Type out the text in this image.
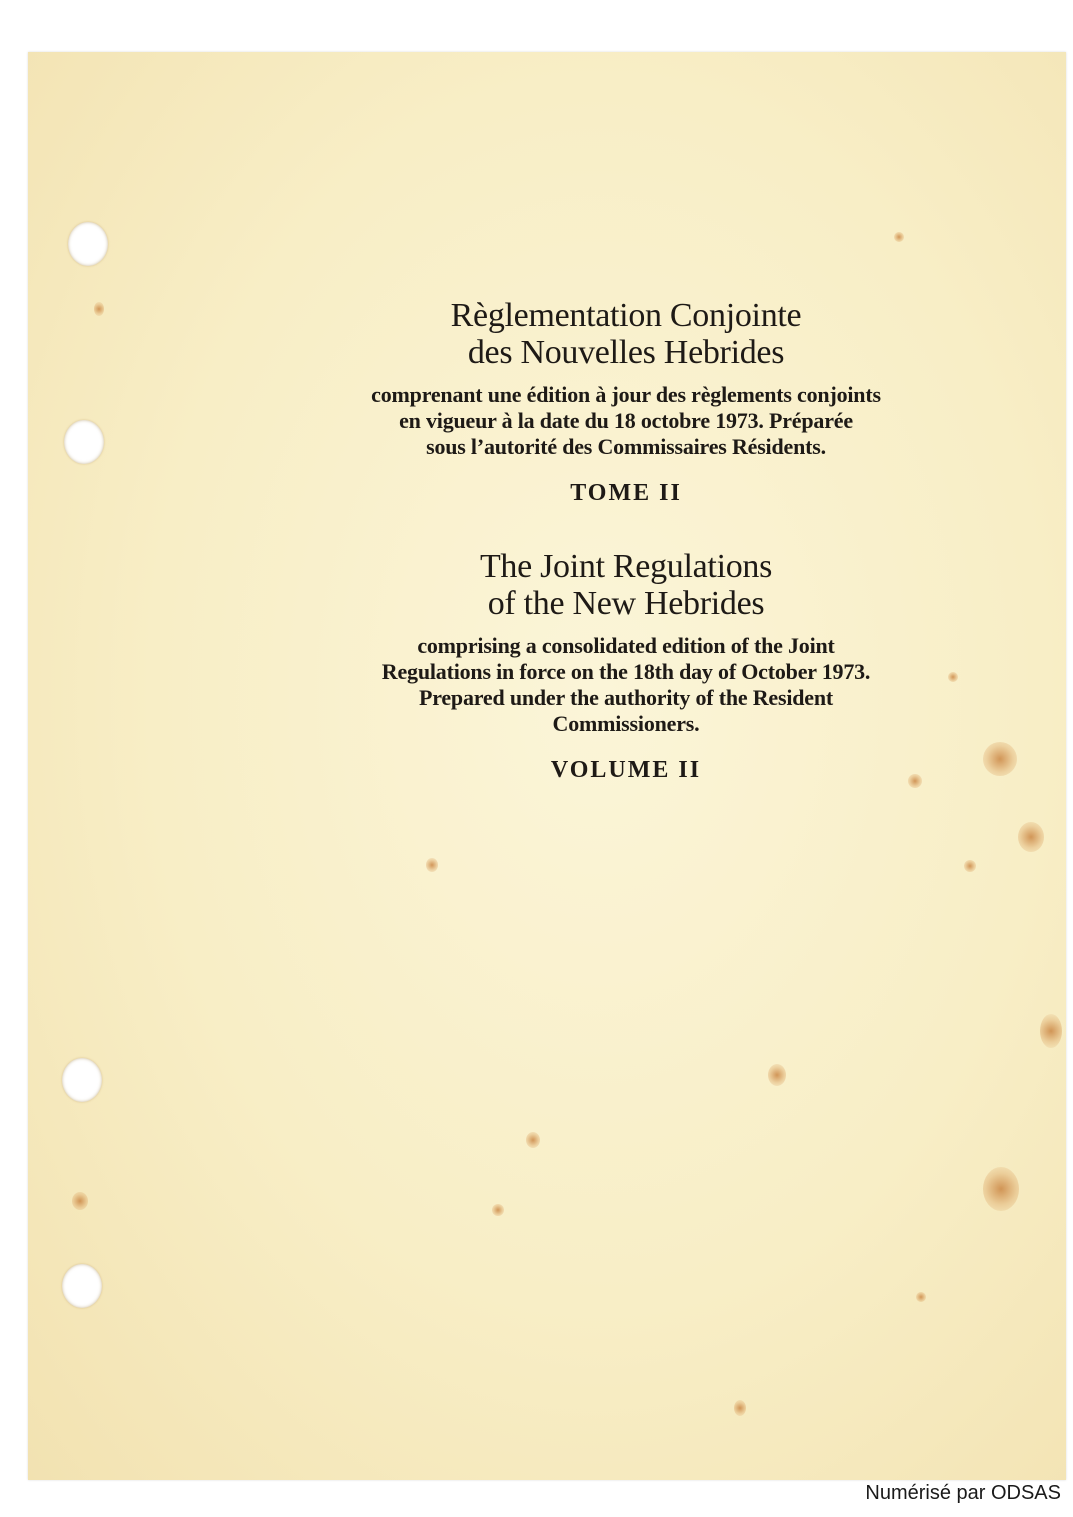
Règlementation Conjointe
des Nouvelles Hebrides
comprenant une édition à jour des règlements conjoints
en vigueur à la date du 18 octobre 1973. Préparée
sous l’autorité des Commissaires Résidents.
TOME II
The Joint Regulations
of the New Hebrides
comprising a consolidated edition of the Joint
Regulations in force on the 18th day of October 1973.
Prepared under the authority of the Resident
Commissioners.
VOLUME II
Numérisé par ODSAS
